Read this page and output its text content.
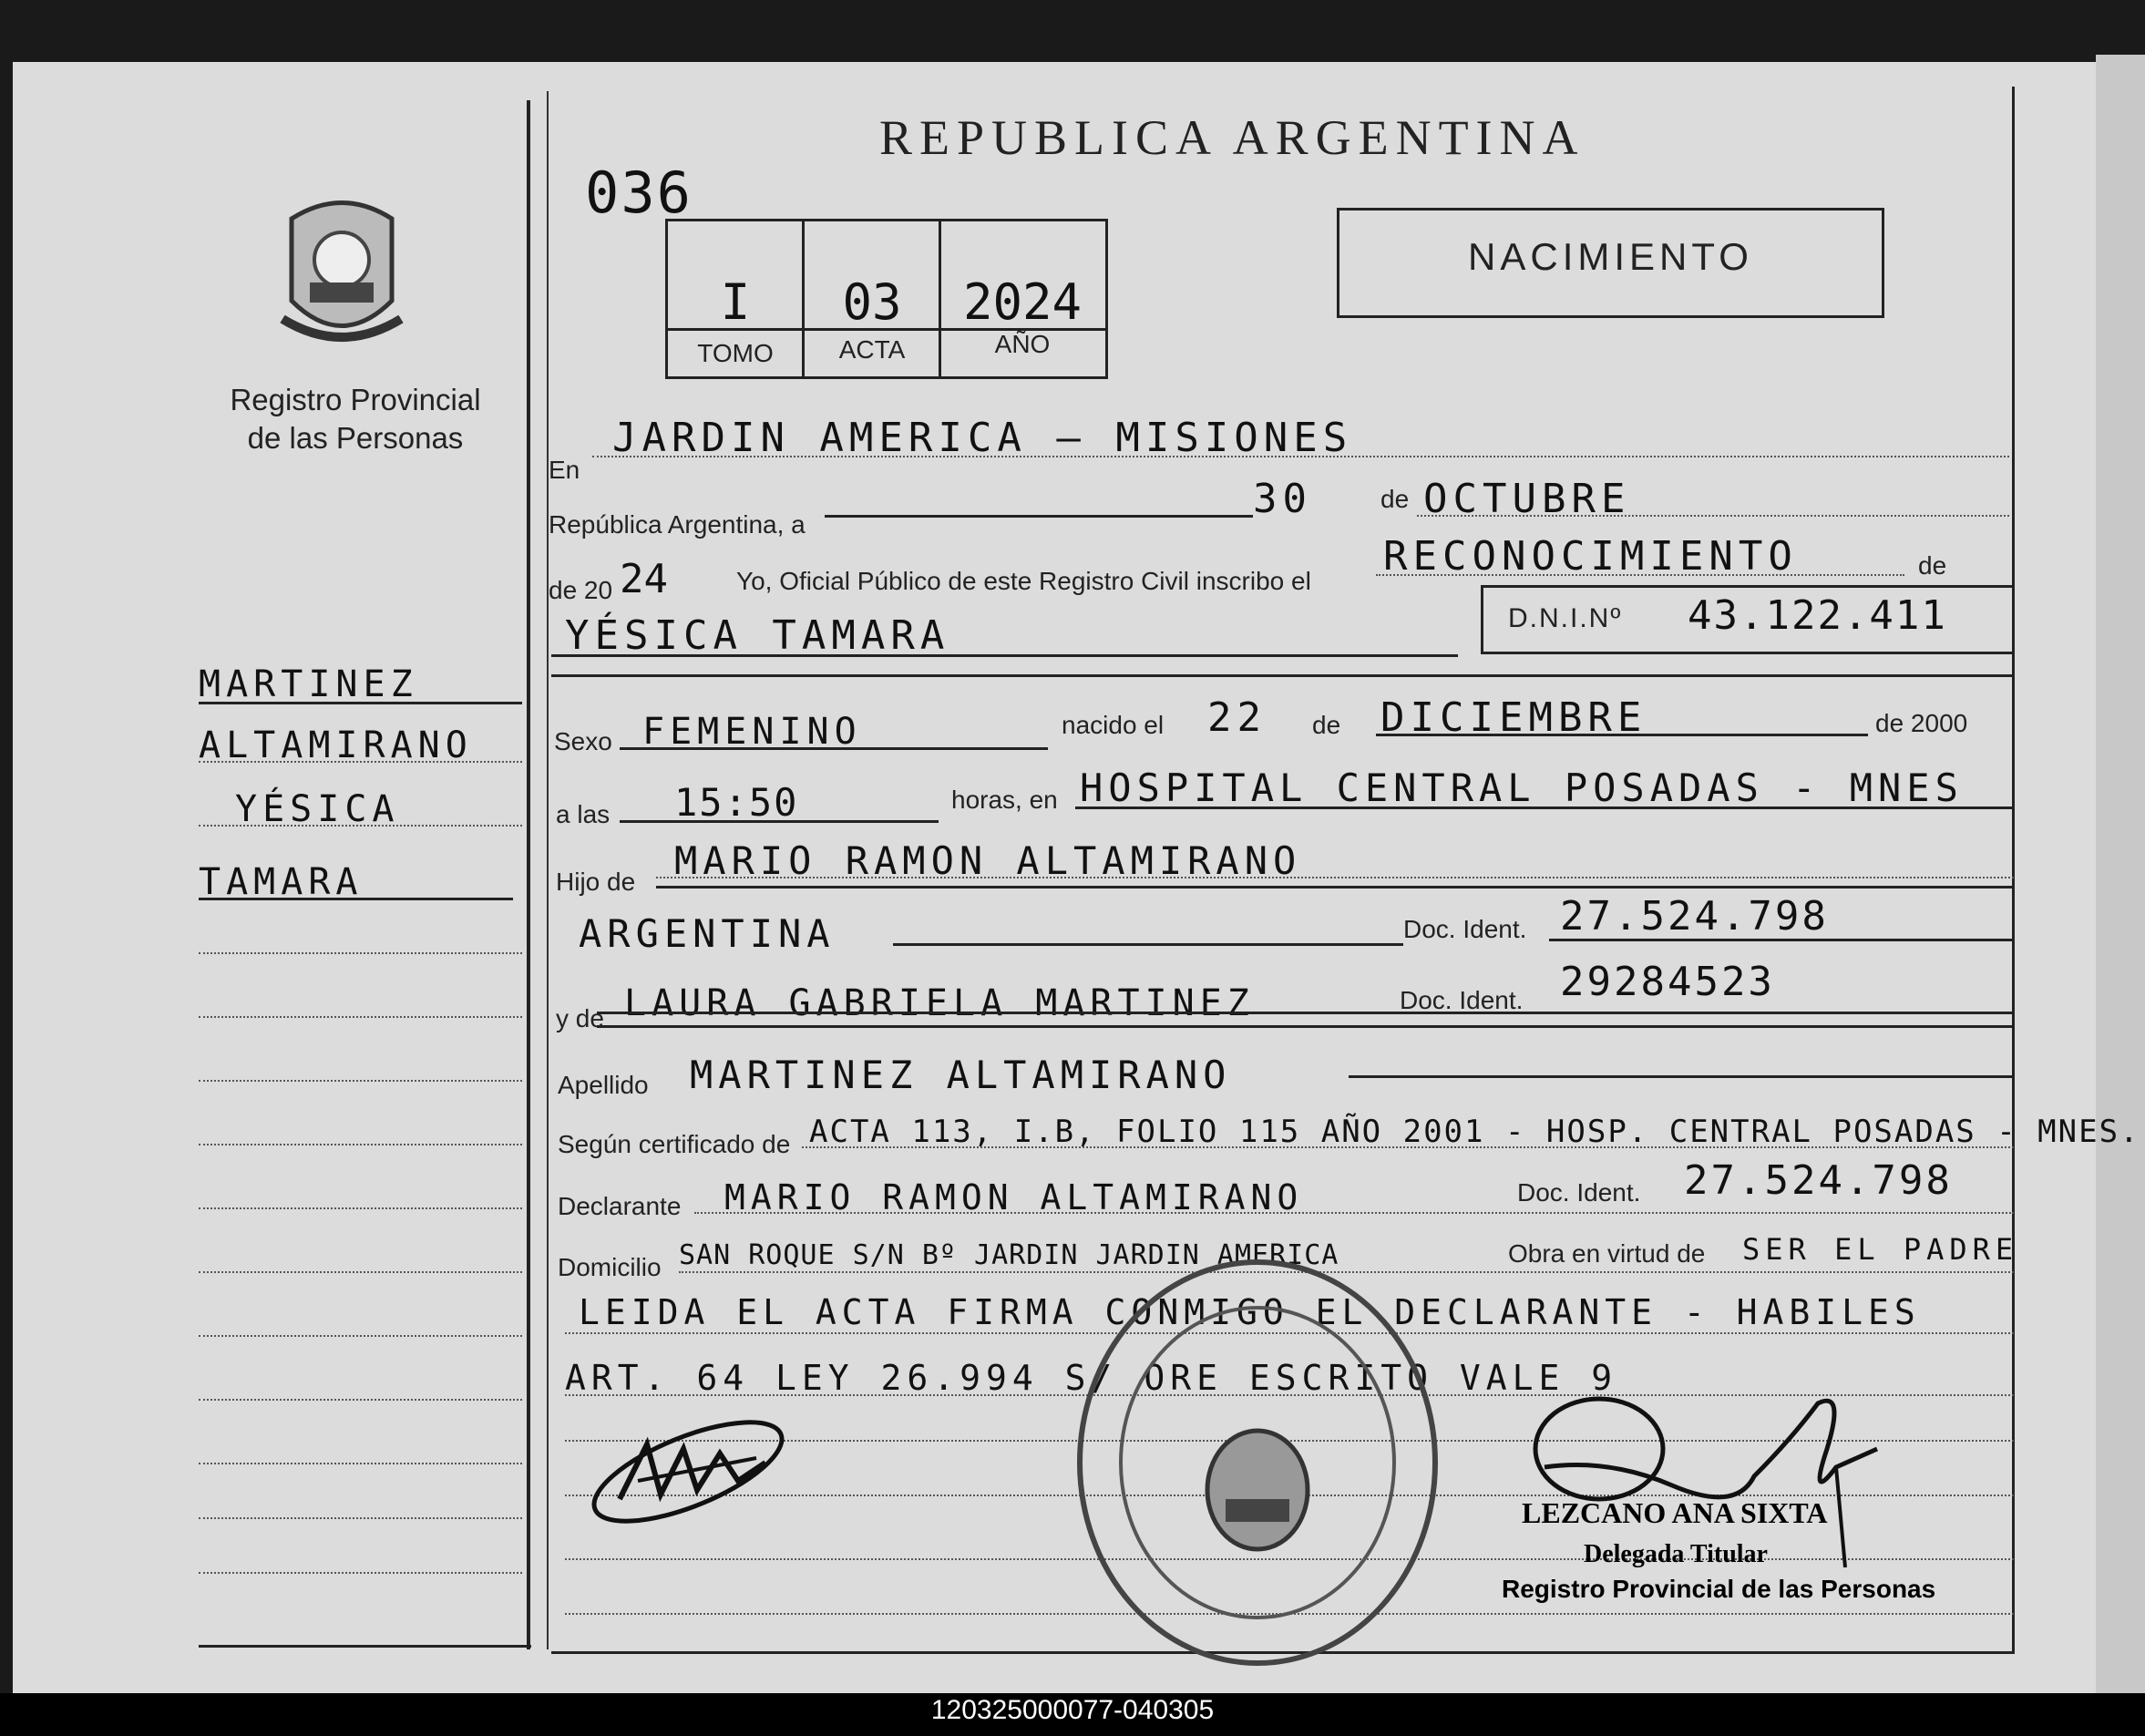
Registro Provincial
de las Personas
REPUBLICA ARGENTINA
036
NACIMIENTO
I	03	2024
TOMO	ACTA	AÑO
MARTINEZ
ALTAMIRANO
YÉSICA
TAMARA
En
JARDIN AMERICA — MISIONES
República Argentina, a
30	de OCTUBRE
de 20 24	Yo, Oficial Público de este Registro Civil inscribo el
RECONOCIMIENTO	de
YÉSICA TAMARA	D.N.I.Nº 43.122.411
Sexo FEMENINO	nacido el 22 de DICIEMBRE	de 2000
a las 15:50	horas, en HOSPITAL CENTRAL POSADAS - MNES
Hijo de MARIO RAMON ALTAMIRANO
ARGENTINA	Doc. Ident. 27.524.798
y de LAURA GABRIELA MARTINEZ	Doc. Ident. 29284523
Apellido MARTINEZ ALTAMIRANO
Según certificado de ACTA 113, I.B, FOLIO 115 AÑO 2001 - HOSP. CENTRAL POSADAS - MNES.
Declarante MARIO RAMON ALTAMIRANO	Doc. Ident. 27.524.798
Domicilio SAN ROQUE S/N Bº JARDIN JARDIN AMERICA	Obra en virtud de SER EL PADRE
LEIDA EL ACTA FIRMA CONMIGO EL DECLARANTE - HABILES
ART. 64 LEY 26.994 S/ ORE ESCRITO VALE 9
LEZCANO ANA SIXTA
Delegada Titular
Registro Provincial de las Personas
120325000077-040305
